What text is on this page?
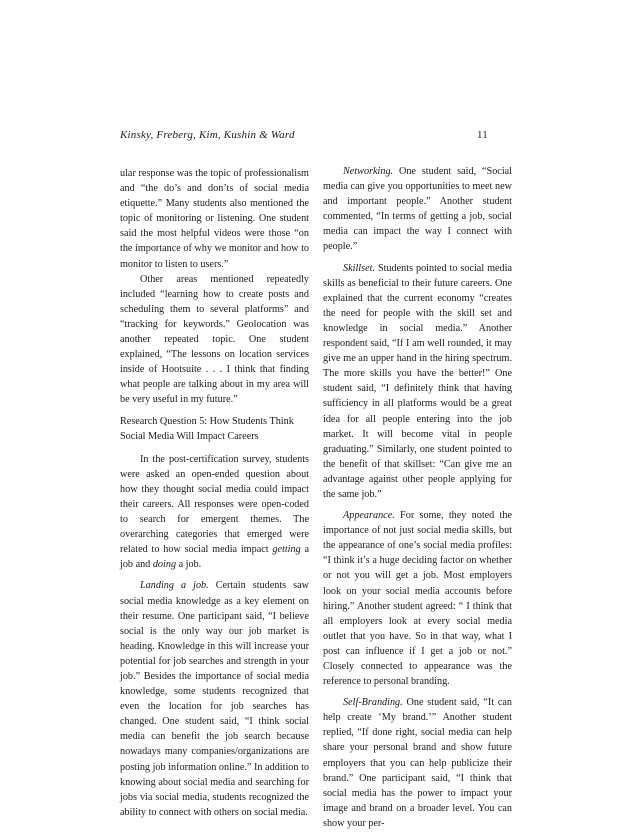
Kinsky, Freberg, Kim, Kushin & Ward	11

ular response was the topic of professionalism and “the do’s and don’ts of social media etiquette.” Many students also mentioned the topic of monitoring or listening. One student said the most helpful videos were those “on the importance of why we monitor and how to monitor to listen to users.”

Other areas mentioned repeatedly included “learning how to create posts and scheduling them to several platforms” and “tracking for keywords.” Geolocation was another repeated topic. One student explained, “The lessons on location services inside of Hootsuite . . . I think that finding what people are talking about in my area will be very useful in my future.”

Research Question 5: How Students Think Social Media Will Impact Careers

In the post-certification survey, students were asked an open-ended question about how they thought social media could impact their careers. All responses were open-coded to search for emergent themes. The overarching categories that emerged were related to how social media impact getting a job and doing a job.

Landing a job. Certain students saw social media knowledge as a key element on their resume. One participant said, “I believe social is the only way our job market is heading. Knowledge in this will increase your potential for job searches and strength in your job.” Besides the importance of social media knowledge, some students recognized that even the location for job searches has changed. One student said, “I think social media can benefit the job search because nowadays many companies/organizations are posting job information online.” In addition to knowing about social media and searching for jobs via social media, students recognized the ability to connect with others on social media.

Networking. One student said, “Social media can give you opportunities to meet new and important people.” Another student commented, “In terms of getting a job, social media can impact the way I connect with people.”

Skillset. Students pointed to social media skills as beneficial to their future careers. One explained that the current economy “creates the need for people with the skill set and knowledge in social media.” Another respondent said, “If I am well rounded, it may give me an upper hand in the hiring spectrum. The more skills you have the better!” One student said, “I definitely think that having sufficiency in all platforms would be a great idea for all people entering into the job market. It will become vital in people graduating.” Similarly, one student pointed to the benefit of that skillset: “Can give me an advantage against other people applying for the same job.”

Appearance. For some, they noted the importance of not just social media skills, but the appearance of one’s social media profiles: “I think it’s a huge deciding factor on whether or not you will get a job. Most employers look on your social media accounts before hiring.” Another student agreed: “ I think that all employers look at every social media outlet that you have. So in that way, what I post can influence if I get a job or not.” Closely connected to appearance was the reference to personal branding.

Self-Branding. One student said, “It can help create ‘My brand.’” Another student replied, “If done right, social media can help share your personal brand and show future employers that you can help publicize their brand.” One participant said, “I think that social media has the power to impact your image and brand on a broader level. You can show your per-
